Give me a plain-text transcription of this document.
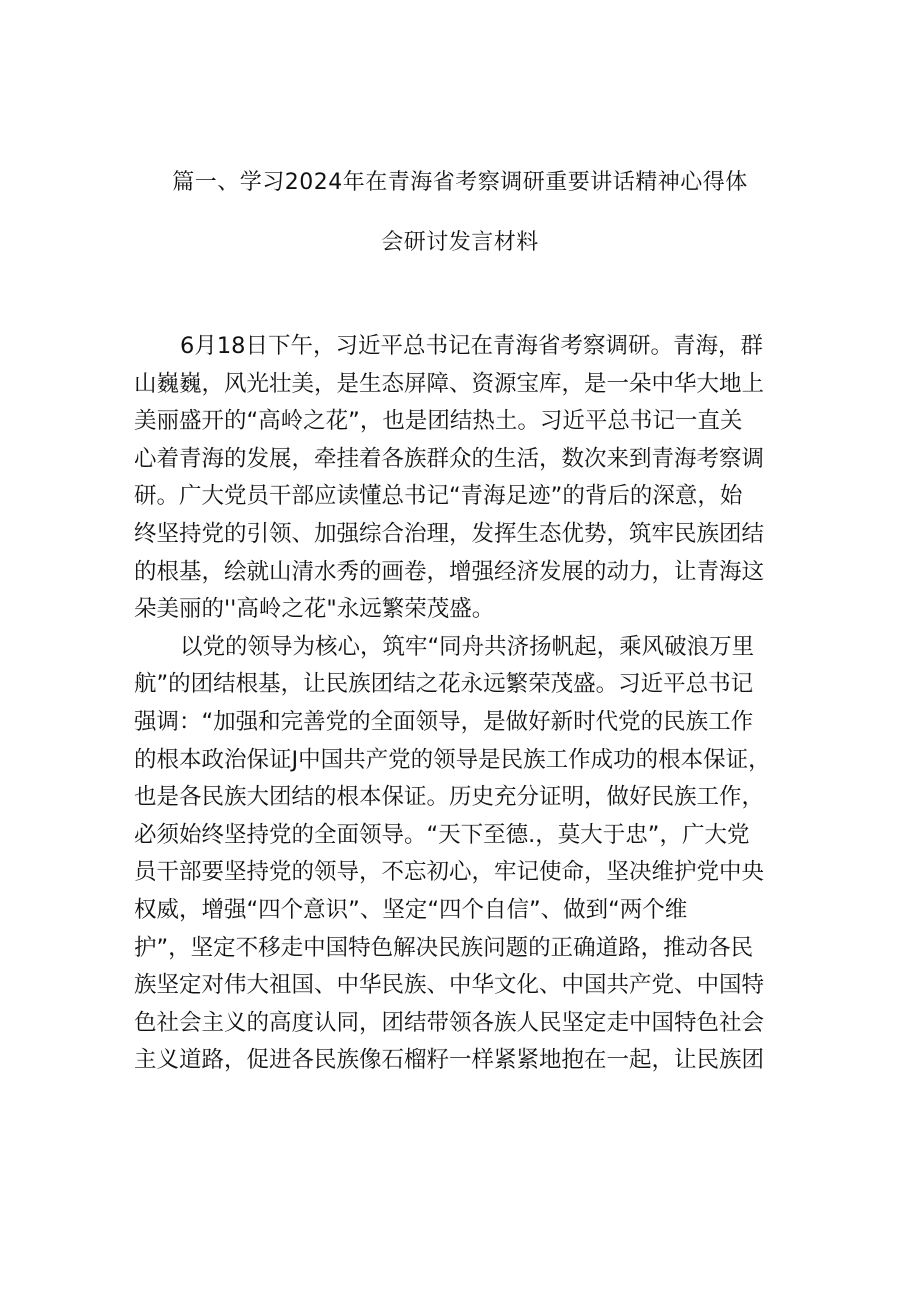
篇一、学习2024年在青海省考察调研重要讲话精神心得体
会研讨发言材料
6月18日下午，习近平总书记在青海省考察调研。青海，群
山巍巍，风光壮美，是生态屏障、资源宝库，是一朵中华大地上
美丽盛开的“高岭之花”，也是团结热土。习近平总书记一直关
心着青海的发展，牵挂着各族群众的生活，数次来到青海考察调
研。广大党员干部应读懂总书记“青海足迹”的背后的深意，始
终坚持党的引领、加强综合治理，发挥生态优势，筑牢民族团结
的根基，绘就山清水秀的画卷，增强经济发展的动力，让青海这
朵美丽的''高岭之花"永远繁荣茂盛。
以党的领导为核心，筑牢“同舟共济扬帆起，乘风破浪万里
航”的团结根基，让民族团结之花永远繁荣茂盛。习近平总书记
强调：“加强和完善党的全面领导，是做好新时代党的民族工作
的根本政治保证J中国共产党的领导是民族工作成功的根本保证，
也是各民族大团结的根本保证。历史充分证明，做好民族工作，
必须始终坚持党的全面领导。“天下至德.，莫大于忠”，广大党
员干部要坚持党的领导，不忘初心，牢记使命，坚决维护党中央
权威，增强“四个意识”、坚定“四个自信”、做到“两个维
护”，坚定不移走中国特色解决民族问题的正确道路，推动各民
族坚定对伟大祖国、中华民族、中华文化、中国共产党、中国特
色社会主义的高度认同，团结带领各族人民坚定走中国特色社会
主义道路，促进各民族像石榴籽一样紧紧地抱在一起，让民族团
